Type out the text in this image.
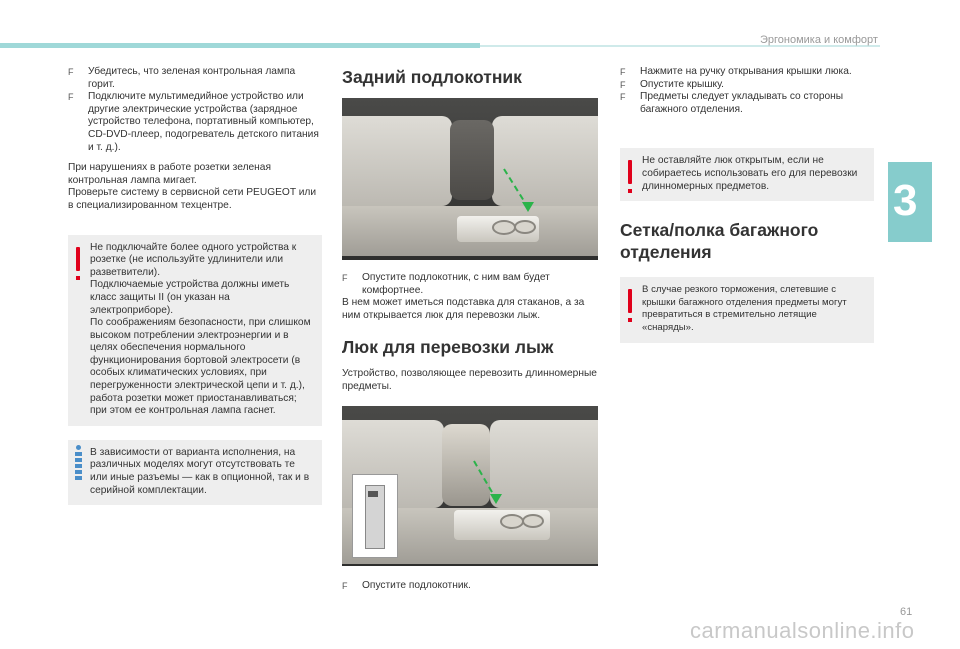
Эргономика и комфорт
3
61
carmanualsonline.info
F Убедитесь, что зеленая контрольная лампа горит.
F Подключите мультимедийное устройство или другие электрические устройства (зарядное устройство телефона, портативный компьютер, CD-DVD-плеер, подогреватель детского питания и т. д.).

При нарушениях в работе розетки зеленая контрольная лампа мигает.

Проверьте систему в сервисной сети PEUGEOT или в специализированном техцентре.

Не подключайте более одного устройства к розетке (не используйте удлинители или разветвители).

Подключаемые устройства должны иметь класс защиты II (он указан на электроприборе).

По соображениям безопасности, при слишком высоком потреблении электроэнергии и в целях обеспечения нормального функционирования бортовой электросети (в особых климатических условиях, при перегруженности электрической цепи и т. д.), работа розетки может приостанавливаться; при этом ее контрольная лампа гаснет.

В зависимости от варианта исполнения, на различных моделях могут отсутствовать те или иные разъемы — как в опционной, так и в серийной комплектации.

Задний подлокотник
F Опустите подлокотник, с ним вам будет комфортнее.

В нем может иметься подставка для стаканов, а за ним открывается люк для перевозки лыж.

Люк для перевозки лыж

Устройство, позволяющее перевозить длинномерные предметы.

F Опустите подлокотник.
F Нажмите на ручку открывания крышки люка.
F Опустите крышку.
F Предметы следует укладывать со стороны багажного отделения.

Не оставляйте люк открытым, если не собираетесь использовать его для перевозки длинномерных предметов.

Сетка/полка багажного отделения

В случае резкого торможения, слетевшие с крышки багажного отделения предметы могут превратиться в стремительно летящие «снаряды».
